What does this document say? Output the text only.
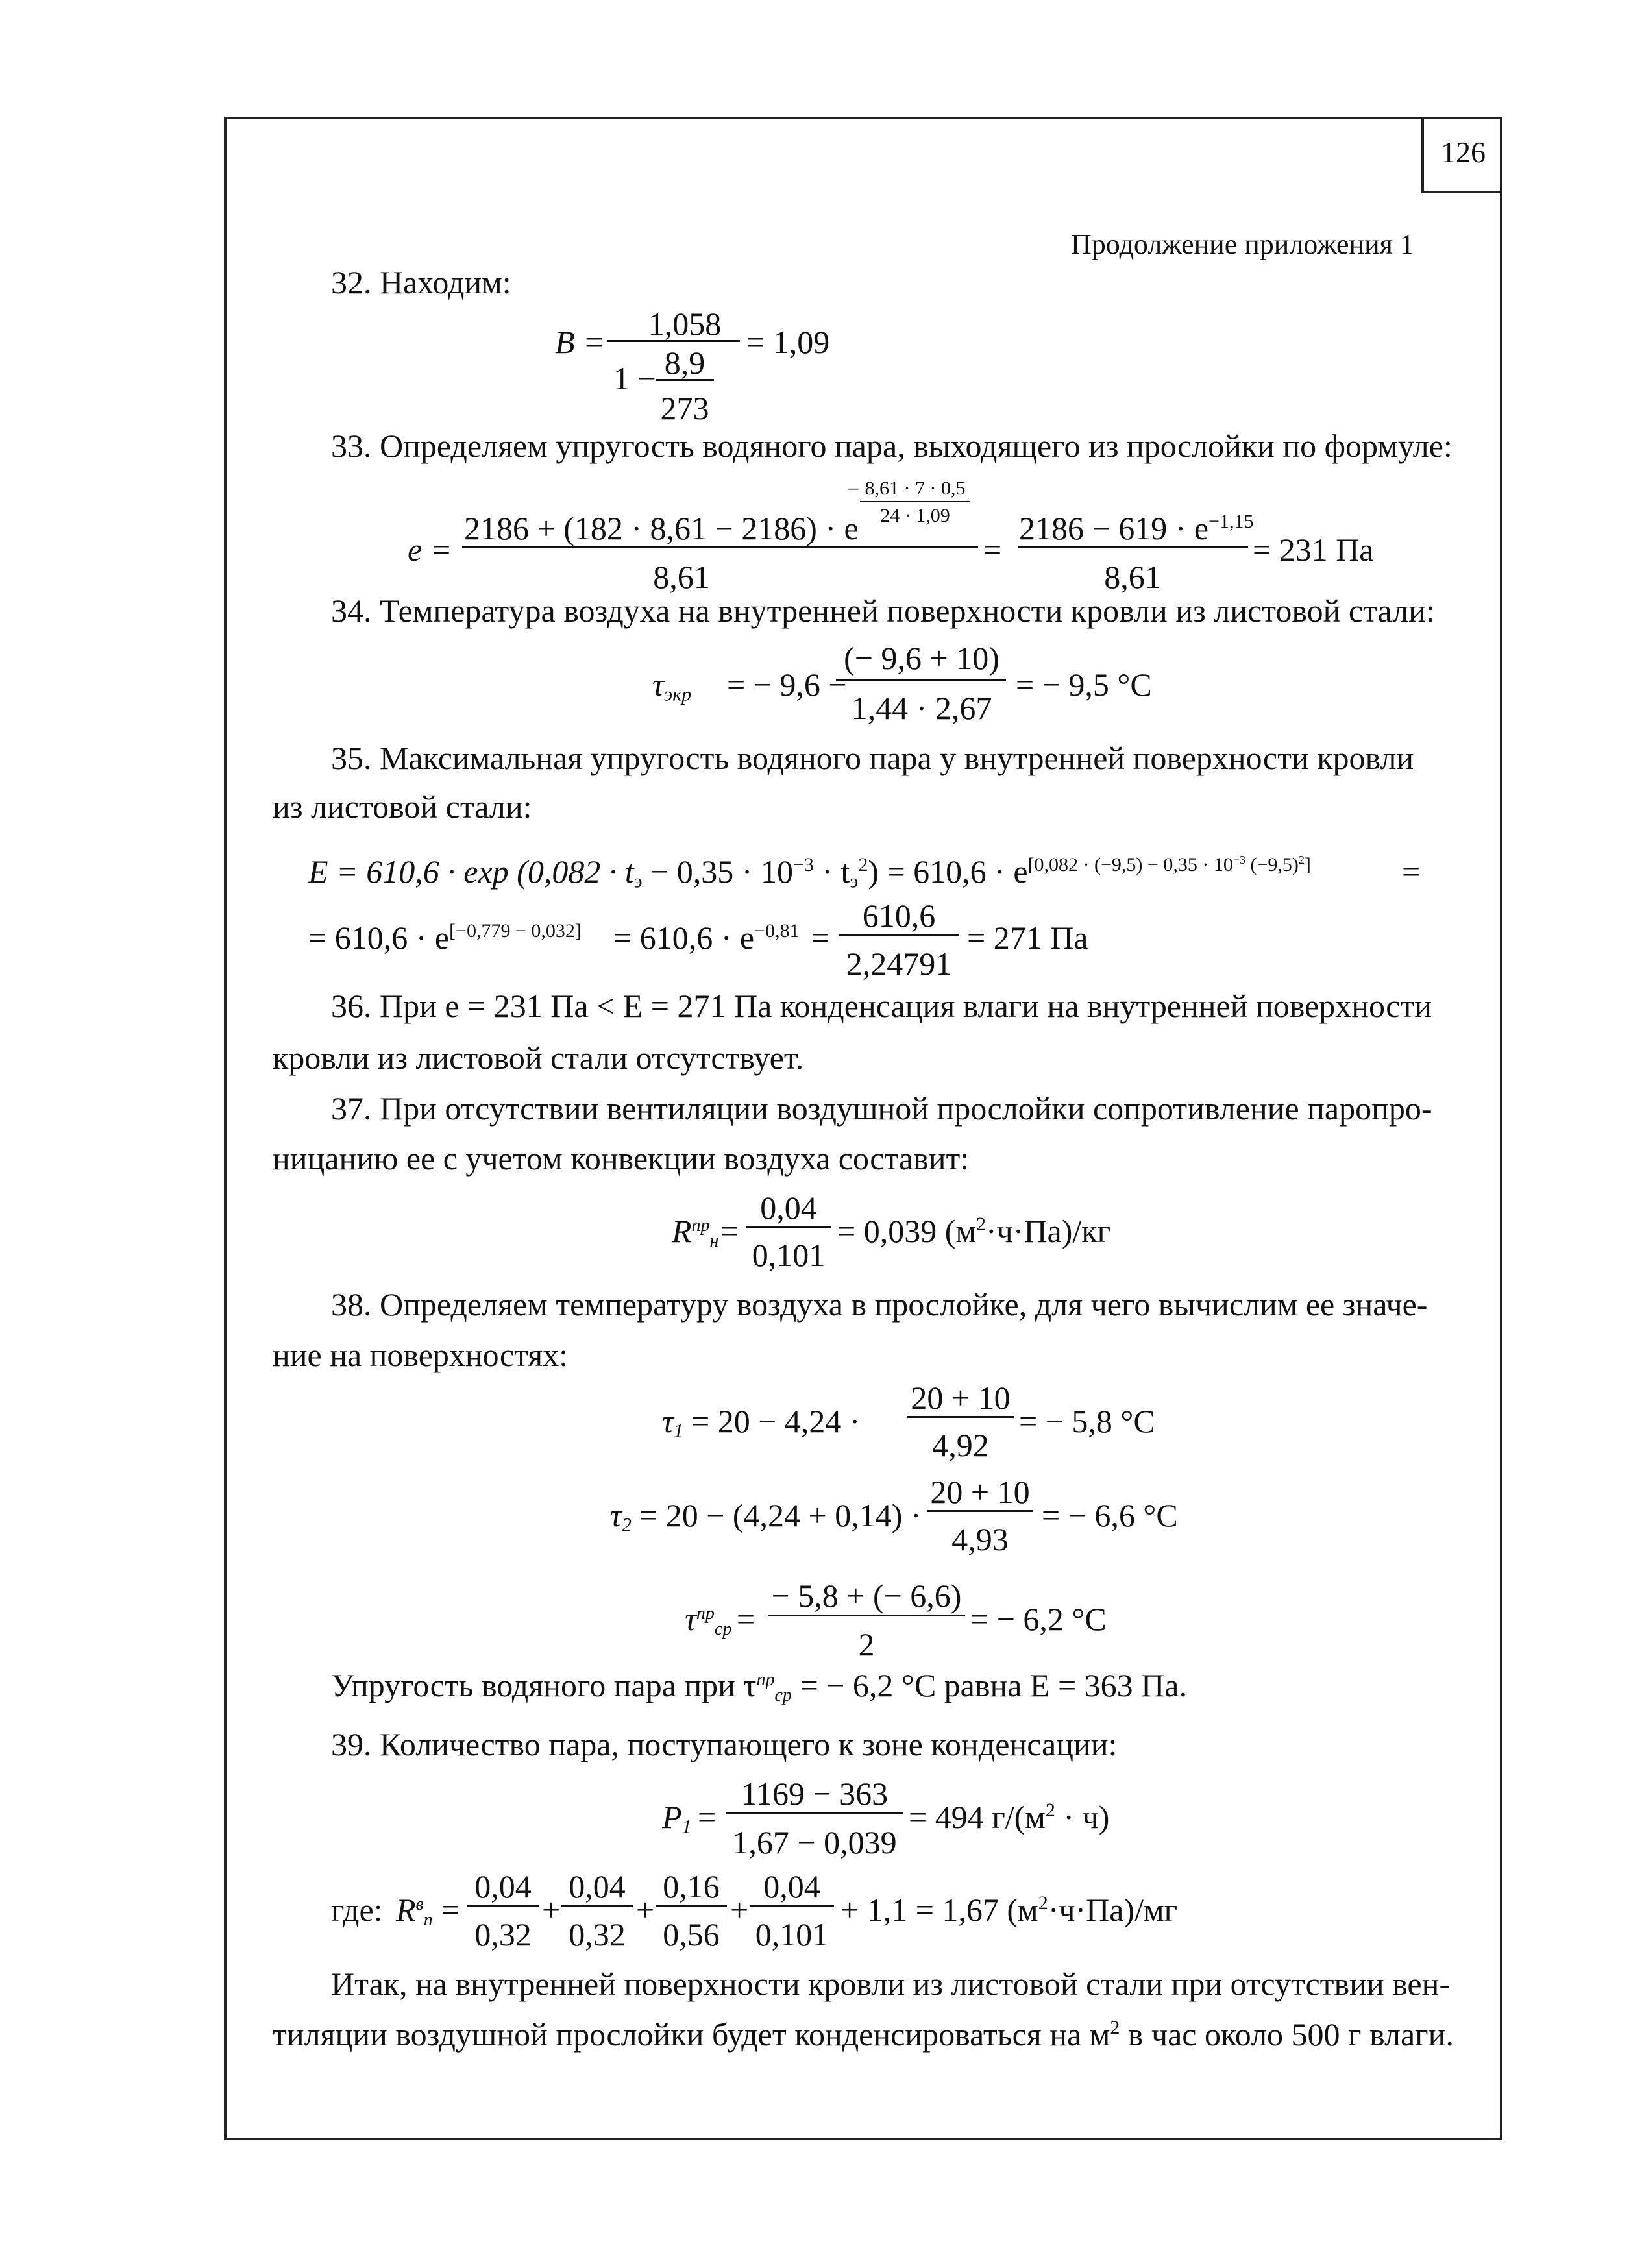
126
Продолжение приложения 1
32. Находим:
B = 1,058
1 − 8,9
273
= 1,09
33. Определяем упругость водяного пара, выходящего из прослойки по формуле:
− 8,61 · 7 · 0,5
24 · 1,09
e =
2186 + (182 · 8,61 − 2186) · e
8,61
=
$2186 - 619 \cdot e^{-1,15}$
8,61
= 231 Па
34. Температура воздуха на внутренней поверхности кровли из листовой стали:
$\tau_{экр}$ = − 9,6 −
(− 9,6 + 10)
1,44 · 2,67
= − 9,5 °С
35. Максимальная упругость водяного пара у внутренней поверхности кровли
из листовой стали:
$E = 610,6 \cdot \exp (0,082 \cdot t_э - 0,35 \cdot 10^{-3} \cdot t_э^2) = 610,6 \cdot e[0,082 \cdot (-9,5) - 0,35 \cdot 10-3 (-9,5)2]$	=
= $610,6 \cdot e[-0,779 - 0,032] = 610,6 \cdot e^{-0,81}$ =
610,6
2,24791
= 271 Па
36. При е = 231 Па < Е = 271 Па конденсация влаги на внутренней поверхности
кровли из листовой стали отсутствует.
37. При отсутствии вентиляции воздушной прослойки сопротивление паропро-
ницанию ее с учетом конвекции воздуха составит:
$R^{пр}_н$ =
0,04
0,101
= 0,039 $(м^2\cdot ч\cdot Па)/кг$
38. Определяем температуру воздуха в прослойке, для чего вычислим ее значе-
ние на поверхностях:
$\tau_1 = 20 - 4,24$ ·
20 + 10
4,92
= − 5,8 °С
$\tau_2 = 20 - (4,24 + 0,14)$ ·
20 + 10
4,93
= − 6,6 °С
$\tau^{пр}_{ср}$ =
− 5,8 + (− 6,6)
2
= − 6,2 °С
Упругость водяного пара при $\tau^{пр}_{ср}$ = − 6,2 °С равна Е = 363 Па.
39. Количество пара, поступающего к зоне конденсации:
$P_1$ =
1169 − 363
1,67 − 0,039
= 494 $г/(м^2 \cdot ч)$
где: $R^в_п$ =
0,04
0,32
+
0,04
0,32
+
0,16
0,56
+
0,04
0,101
+ 1,1 = 1,67 $(м^2\cdot ч\cdot Па)/мг$
Итак, на внутренней поверхности кровли из листовой стали при отсутствии вен-
тиляции воздушной прослойки будет конденсироваться на $м^2$ в час около 500 г влаги.
